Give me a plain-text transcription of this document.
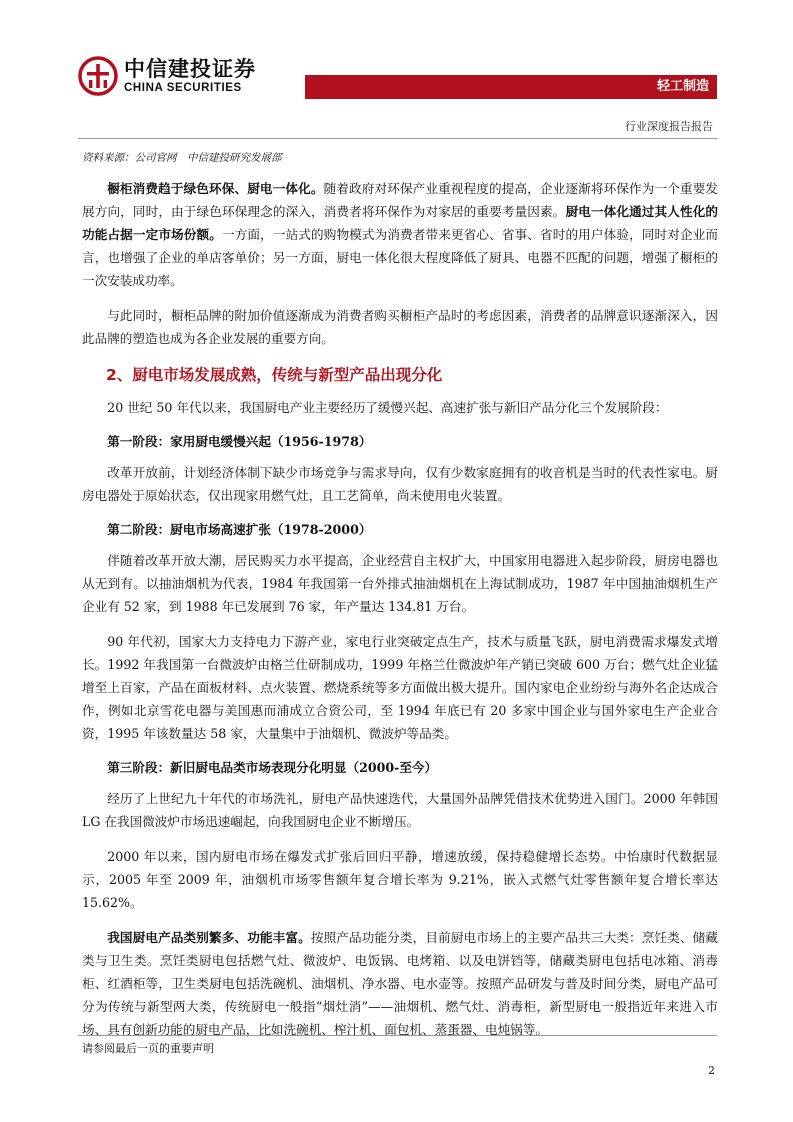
中信建投证券
CHINA SECURITIES	轻工制造
行业深度报告报告
资料来源：公司官网　中信建投研究发展部

橱柜消费趋于绿色环保、厨电一体化。随着政府对环保产业重视程度的提高，企业逐渐将环保作为一个重要发展方向，同时，由于绿色环保理念的深入，消费者将环保作为对家居的重要考量因素。厨电一体化通过其人性化的功能占据一定市场份额。一方面，一站式的购物模式为消费者带来更省心、省事、省时的用户体验，同时对企业而言，也增强了企业的单店客单价；另一方面，厨电一体化很大程度降低了厨具、电器不匹配的问题，增强了橱柜的一次安装成功率。

与此同时，橱柜品牌的附加价值逐渐成为消费者购买橱柜产品时的考虑因素，消费者的品牌意识逐渐深入，因此品牌的塑造也成为各企业发展的重要方向。

2、厨电市场发展成熟，传统与新型产品出现分化

20 世纪 50 年代以来，我国厨电产业主要经历了缓慢兴起、高速扩张与新旧产品分化三个发展阶段：

第一阶段：家用厨电缓慢兴起（1956-1978）

改革开放前，计划经济体制下缺少市场竞争与需求导向，仅有少数家庭拥有的收音机是当时的代表性家电。厨房电器处于原始状态，仅出现家用燃气灶，且工艺简单，尚未使用电火装置。

第二阶段：厨电市场高速扩张（1978-2000）

伴随着改革开放大潮，居民购买力水平提高，企业经营自主权扩大，中国家用电器进入起步阶段，厨房电器也从无到有。以抽油烟机为代表，1984 年我国第一台外排式抽油烟机在上海试制成功，1987 年中国抽油烟机生产企业有 52 家，到 1988 年已发展到 76 家，年产量达 134.81 万台。

90 年代初，国家大力支持电力下游产业，家电行业突破定点生产，技术与质量飞跃，厨电消费需求爆发式增长。1992 年我国第一台微波炉由格兰仕研制成功，1999 年格兰仕微波炉年产销已突破 600 万台；燃气灶企业猛增至上百家，产品在面板材料、点火装置、燃烧系统等多方面做出极大提升。国内家电企业纷纷与海外名企达成合作，例如北京雪花电器与美国惠而浦成立合资公司，至 1994 年底已有 20 多家中国企业与国外家电生产企业合资，1995 年该数量达 58 家，大量集中于油烟机、微波炉等品类。

第三阶段：新旧厨电品类市场表现分化明显（2000-至今）

经历了上世纪九十年代的市场洗礼，厨电产品快速迭代，大量国外品牌凭借技术优势进入国门。2000 年韩国 LG 在我国微波炉市场迅速崛起，向我国厨电企业不断增压。

2000 年以来，国内厨电市场在爆发式扩张后回归平静，增速放缓，保持稳健增长态势。中怡康时代数据显示，2005 年至 2009 年，油烟机市场零售额年复合增长率为 9.21%，嵌入式燃气灶零售额年复合增长率达 15.62%。

我国厨电产品类别繁多、功能丰富。按照产品功能分类，目前厨电市场上的主要产品共三大类：烹饪类、储藏类与卫生类。烹饪类厨电包括燃气灶、微波炉、电饭锅、电烤箱、以及电饼铛等，储藏类厨电包括电冰箱、消毒柜、红酒柜等，卫生类厨电包括洗碗机、油烟机、净水器、电水壶等。按照产品研发与普及时间分类，厨电产品可分为传统与新型两大类，传统厨电一般指“烟灶消”——油烟机、燃气灶、消毒柜，新型厨电一般指近年来进入市场、具有创新功能的厨电产品，比如洗碗机、榨汁机、面包机、蒸蛋器、电炖锅等。

请参阅最后一页的重要声明
2
